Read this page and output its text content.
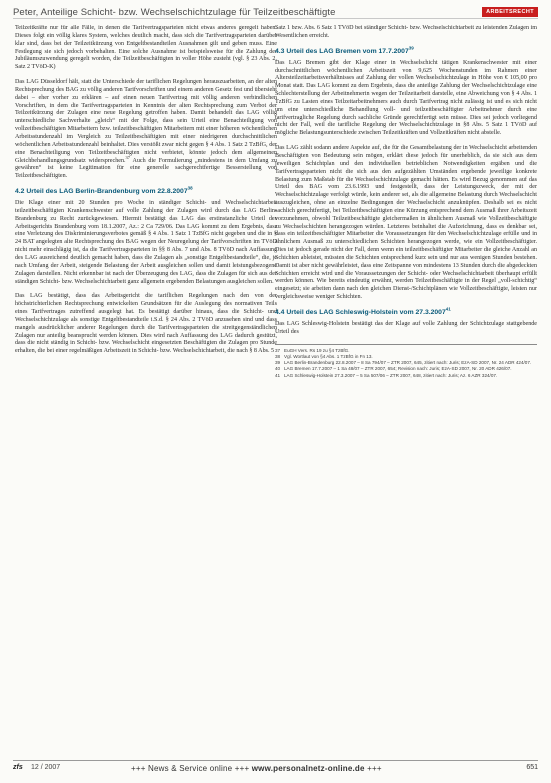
Peter, Anteilige Schicht- bzw. Wechselschichtzulage für Teilzeitbeschäftigte	ARBEITSRECHT

Teilzeitkräfte nur für alle Fälle, in denen die Tarifvertragsparteien nicht etwas anderes geregelt haben. Dieses folgt ein völlig klares System, welches deutlich macht, dass sich die Tarifvertragsparteien darüber klar sind, dass bei der Teilzeitkürzung von Entgeltbestandteilen Ausnahmen gilt und geben muss. Eine Festlegung sie sich jedoch vorbehalten. Eine solche Ausnahme ist beispielsweise für die Zahlung der Jubiläumszuwendung geregelt worden, die Teilzeitbeschäftigten in voller Höhe zusteht (vgl. § 23 Abs. 2, Satz 2 TVöD-K)

Das LAG Düsseldorf hält, statt die Unterschiede der tariflichen Regelungen herauszuarbeiten, an der alten Rechtsprechung des BAG zu völlig anderen Tarifvorschriften und einem anderen Gesetz fest und übersieht dabei – eher vorher zu erklären – auf einen neuen Tarifvertrag mit völlig anderen verbindlichen Vorschriften, in dem die Tarifvertragsparteien in Kenntnis der alten Rechtsprechung zum Verbot der Teilzeitkürzung der Zulagen eine neue Regelung getroffen haben. Damit behandelt das LAG völlig unterschiedliche Sachverhalte „gleich“ mit der Folge, dass sein Urteil eine Benachteiligung von vollzeitbeschäftigten Mitarbeitern bzw. teilzeitbeschäftigten Mitarbeitern mit einer höheren wöchentlichen Arbeitsstundenzahl im Vergleich zu Teilzeitbeschäftigten mit einer niedrigeren durchschnittlichen wöchentlichen Arbeitsstundenzahl beinhaltet. Dies verstößt zwar nicht gegen § 4 Abs. 1 Satz 2 TzBfG, der eine Benachteiligung von Teilzeitbeschäftigten nicht verbietet, könnte jedoch dem allgemeinen Gleichbehandlungsgrundsatz widersprechen.$^{37}$ Auch die Formulierung „mindestens in dem Umfang zu gewähren“ ist keine Legitimation für eine generelle sachgerechtfertige Besserstellung von Teilzeitbeschäftigten.

4.2 Urteil des LAG Berlin-Brandenburg vom 22.8.2007$^{38}$

Die Klage einer mit 20 Stunden pro Woche in ständiger Schicht- und Wechselschichtarbeit teilzeitbeschäftigten Krankenschwester auf volle Zahlung der Zulagen wird durch das LAG Berlin-Brandenburg zu Recht zurückgewiesen. Hiermit bestätigt das LAG das erstinstanzliche Urteil des Arbeitsgerichts Brandenburg vom 18.1.2007, Az.: 2 Ca 729/06. Das LAG kommt zu dem Ergebnis, dass eine Verletzung des Diskriminierungsverbotes gemäß § 4 Abs. 1 Satz 1 TzBfG nicht gegeben und die in § 24 BAT angelegten alte Rechtsprechung des BAG wegen der Neuregelung der Tarifvorschriften im TVöD nicht mehr einschlägig ist, da die Tarifvertragsparteien in §§ 8 Abs. 7 und Abs. 8 TVöD nach Auffassung des LAG ausreichend deutlich gemacht haben, dass die Zulagen als „sonstige Entgeltbestandteile“, die, je nach Umfang der Arbeit, steigende Belastung der Arbeit ausgleichen sollen und damit leistungsbezogene Zulagen darstellen. Nicht erkennbar ist nach der Überzeugung des LAG, dass die Zulagen für sich aus der ständigen Schicht- bzw. Wechselschichtarbeit ganz allgemein ergebenden Belastungen ausgleichen sollen.

Das LAG bestätigt, dass das Arbeitsgericht die tariflichen Regelungen nach den von der höchstrichterlichen Rechtsprechung entwickelten Grundsätzen für die Auslegung des normativen Teils eines Tarifvertrages zutreffend ausgelegt hat. Es bestätigt darüber hinaus, dass die Schicht- und Wechselschichtzulage als sonstige Entgeltbestandteile i.S.d. § 24 Abs. 2 TVöD anzusehen sind und dass mangels ausdrücklicher anderer Regelungen durch die Tarifvertragsparteien die streitgegenständlichen Zulagen nur anteilig beansprucht werden können. Dies wird nach Auffassung des LAG dadurch gestützt, dass die nicht ständig in Schicht- bzw. Wechselschicht eingesetzten Beschäftigten die Zulagen pro Stunde erhalten, die bei einer regelmäßigen Arbeitszeit in Schicht- bzw. Wechselschichtarbeit, die nach § 8 Abs. 5

Satz 1 bzw. Abs. 6 Satz 1 TVöD bei ständiger Schicht- bzw. Wechselschichtarbeit zu leistenden Zulagen im Wesentlichen erreicht.

4.3 Urteil des LAG Bremen vom 17.7.2007$^{39}$

Das LAG Bremen gibt der Klage einer in Wechselschicht tätigen Krankenschwester mit einer durchschnittlichen wöchentlichen Arbeitszeit von 9,625 Wochenstunden im Rahmen einer Altersteilzeitarbeitsverhältnisses auf Zahlung der vollen Wechselschichtzulage in Höhe von € 105,00 pro Monat statt. Das LAG kommt zu dem Ergebnis, dass die anteilige Zahlung der Wechselschichtzulage eine Schlechterstellung der Arbeitnehmerin wegen der Teilzeitarbeit darstelle, eine Abweichung von § 4 Abs. 1 TzBfG zu Lasten eines Teilzeitarbeitnehmers auch durch Tarifvertrag nicht zulässig ist und es sich nicht um eine unterschiedliche Behandlung voll- und teilzeitbeschäftigter Arbeitnehmer durch eine tarifvertragliche Regelung durch sachliche Gründe gerechtfertigt sein müsse. Dies sei jedoch vorliegend nicht der Fall, weil die tarifliche Regelung der Wechselschichtzulage in §8 Abs. 5 Satz 1 TVöD auf mögliche Belastungsunterschiede zwischen Teilzeitkräften und Vollzeitkräften nicht abstelle.

Das LAG zählt sodann andere Aspekte auf, die für die Gesamtbelastung der in Wechselschicht arbeitenden Beschäftigten von Bedeutung sein mögen, erklärt diese jedoch für unerheblich, da sie sich aus dem jeweiligen Schichtplan und den individuellen betrieblichen Notwendigkeiten ergäben und die Tarifvertragsparteien nicht die sich aus den aufgezählten Umständen ergebende jeweilige konkrete Belastung zum Maßstab für die Wechselschichtzulage gemacht hätten. Es wird Bezug genommen auf das Urteil des BAG vom 23.6.1993 und festgestellt, dass der Leistungszweck, der mit der Wechselschichtzulage verfolgt würde, kein anderer sei, als die allgemeine Belastung durch Wechselschicht auszugleichen, ohne an einzelne Bedingungen der Wechselschicht anzuknüpfen. Deshalb sei es nicht sachlich gerechtfertigt, bei Teilzeitbeschäftigten eine Kürzung entsprechend dem Ausmaß ihrer Arbeitszeit vorzunehmen, obwohl Teilzeitbeschäftigte gleichermaßen in ähnlichem Ausmaß wie Vollzeitbeschäftigte zu Wechselschichten herangezogen würden. Letzteres beinhaltet die Aufzeichnung, dass es denkbar sei, dass ein teilzeitbeschäftigter Mitarbeiter die Voraussetzungen für den Wechselschichtzulage erfülle und in ähnlichem Ausmaß zu unterschiedlichen Schichten herangezogen werde, wie ein Vollzeitbeschäftigter. Dies ist jedoch gerade nicht der Fall, denn wenn ein teilzeitbeschäftigter Mitarbeiter die gleiche Anzahl an Schichten ableistet, müssten die Schichten entsprechend kurz sein und nur aus wenigen Stunden bestehen. Damit ist aber nicht gewährleistet, dass eine Zeitspanne von mindestens 13 Stunden durch die abgedeckten Schichten erreicht wird und die Voraussetzungen der Schicht- oder Wechselschichtarbeit überhaupt erfüllt werden können. Wie bereits eindeutig erwähnt, werden Teilzeitbeschäftigte in der Regel „voll-schichtig“ eingesetzt; sie arbeiten dann nach den gleichen Dienst-/Schichtplänen wie Vollzeitbeschäftigte, leisten nur vergleichsweise weniger Schichten.

4.4 Urteil des LAG Schleswig-Holstein vom 27.3.2007$^{41}$

Das LAG Schleswig-Holstein bestätigt das der Klage auf volle Zahlung der Schichtzulage stattgebende Urteil des

37 EuGH Vers. Rs 19 zu §4 TzBfG.
38 Vgl. Wortlaut von §4 Abs. 1 TzBfG in Fn 13.
39 LAG Berlin-Brandenburg 22.8.2007 – 8 Sa 794/07 – ZTR 2007, 645, zitiert nach: Juris; EzA-SD 2007, Nr. 24 ADR 424/07.
40 LAG Bremen 17.7.2007 – 1 Sa 48/07 – ZTR 2007, 654; Revision nach: Juris; EzA-SD 2007, Nr. 20 ADR 426/07.
41 LAG Schleswig-Holstein 27.3.2007 – 5 Sa 507/06 – ZTR 2007, 648, zitiert nach: Juris; Az. 6 AZR 324/07.
zfs 12 / 2007	+++ News & Service online +++ www.personalnetz-online.de +++	651
